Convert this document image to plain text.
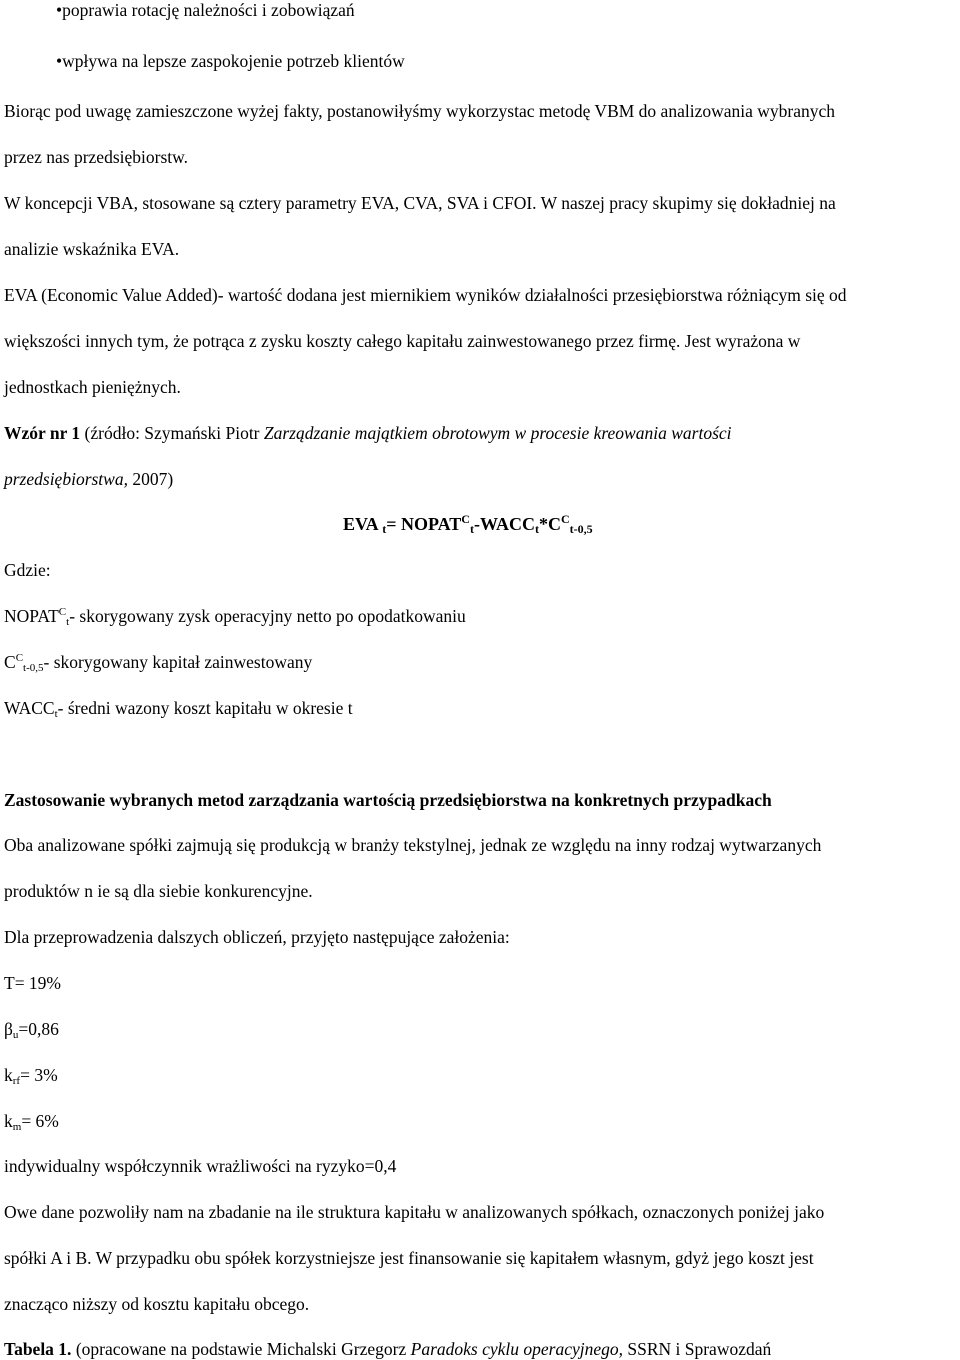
•poprawia rotację należności i zobowiązań
•wpływa na lepsze zaspokojenie potrzeb klientów
Biorąc pod uwagę zamieszczone wyżej fakty, postanowiłyśmy wykorzystac metodę VBM do analizowania wybranych
przez nas przedsiębiorstw.
W koncepcji VBA, stosowane są cztery parametry EVA, CVA, SVA i CFOI. W naszej pracy skupimy się dokładniej na
analizie wskaźnika EVA.
EVA (Economic Value Added)- wartość dodana jest miernikiem wyników działalności przesiębiorstwa różniącym się od
większości innych tym, że potrąca z zysku koszty całego kapitału zainwestowanego przez firmę. Jest wyrażona w
jednostkach pieniężnych.
Wzór nr 1 (źródło: Szymański Piotr Zarządzanie majątkiem obrotowym w procesie kreowania wartości
przedsiębiorstwa, 2007)
EVA $_t= NOPAT^C_t-WACC_t*C^C_{t-0,5}$
Gdzie:
$NOPAT^C_t-$ skorygowany zysk operacyjny netto po opodatkowaniu
$C^C_{t-0,5}-$ skorygowany kapitał zainwestowany
$WACC_t-$ średni wazony koszt kapitału w okresie t
Zastosowanie wybranych metod zarządzania wartością przedsiębiorstwa na konkretnych przypadkach
Oba analizowane spółki zajmują się produkcją w branży tekstylnej, jednak ze względu na inny rodzaj wytwarzanych
produktów n ie są dla siebie konkurencyjne.
Dla przeprowadzenia dalszych obliczeń, przyjęto następujące założenia:
T= 19%
$\beta_u=0,86$
$k_{rf}= 3\%$
$k_m= 6\%$
indywidualny współczynnik wrażliwości na ryzyko=0,4
Owe dane pozwoliły nam na zbadanie na ile struktura kapitału w analizowanych spółkach, oznaczonych poniżej jako
spółki A i B. W przypadku obu spółek korzystniejsze jest finansowanie się kapitałem własnym, gdyż jego koszt jest
znacząco niższy od kosztu kapitału obcego.
Tabela 1. (opracowane na podstawie Michalski Grzegorz Paradoks cyklu operacyjnego, SSRN i Sprawozdań
